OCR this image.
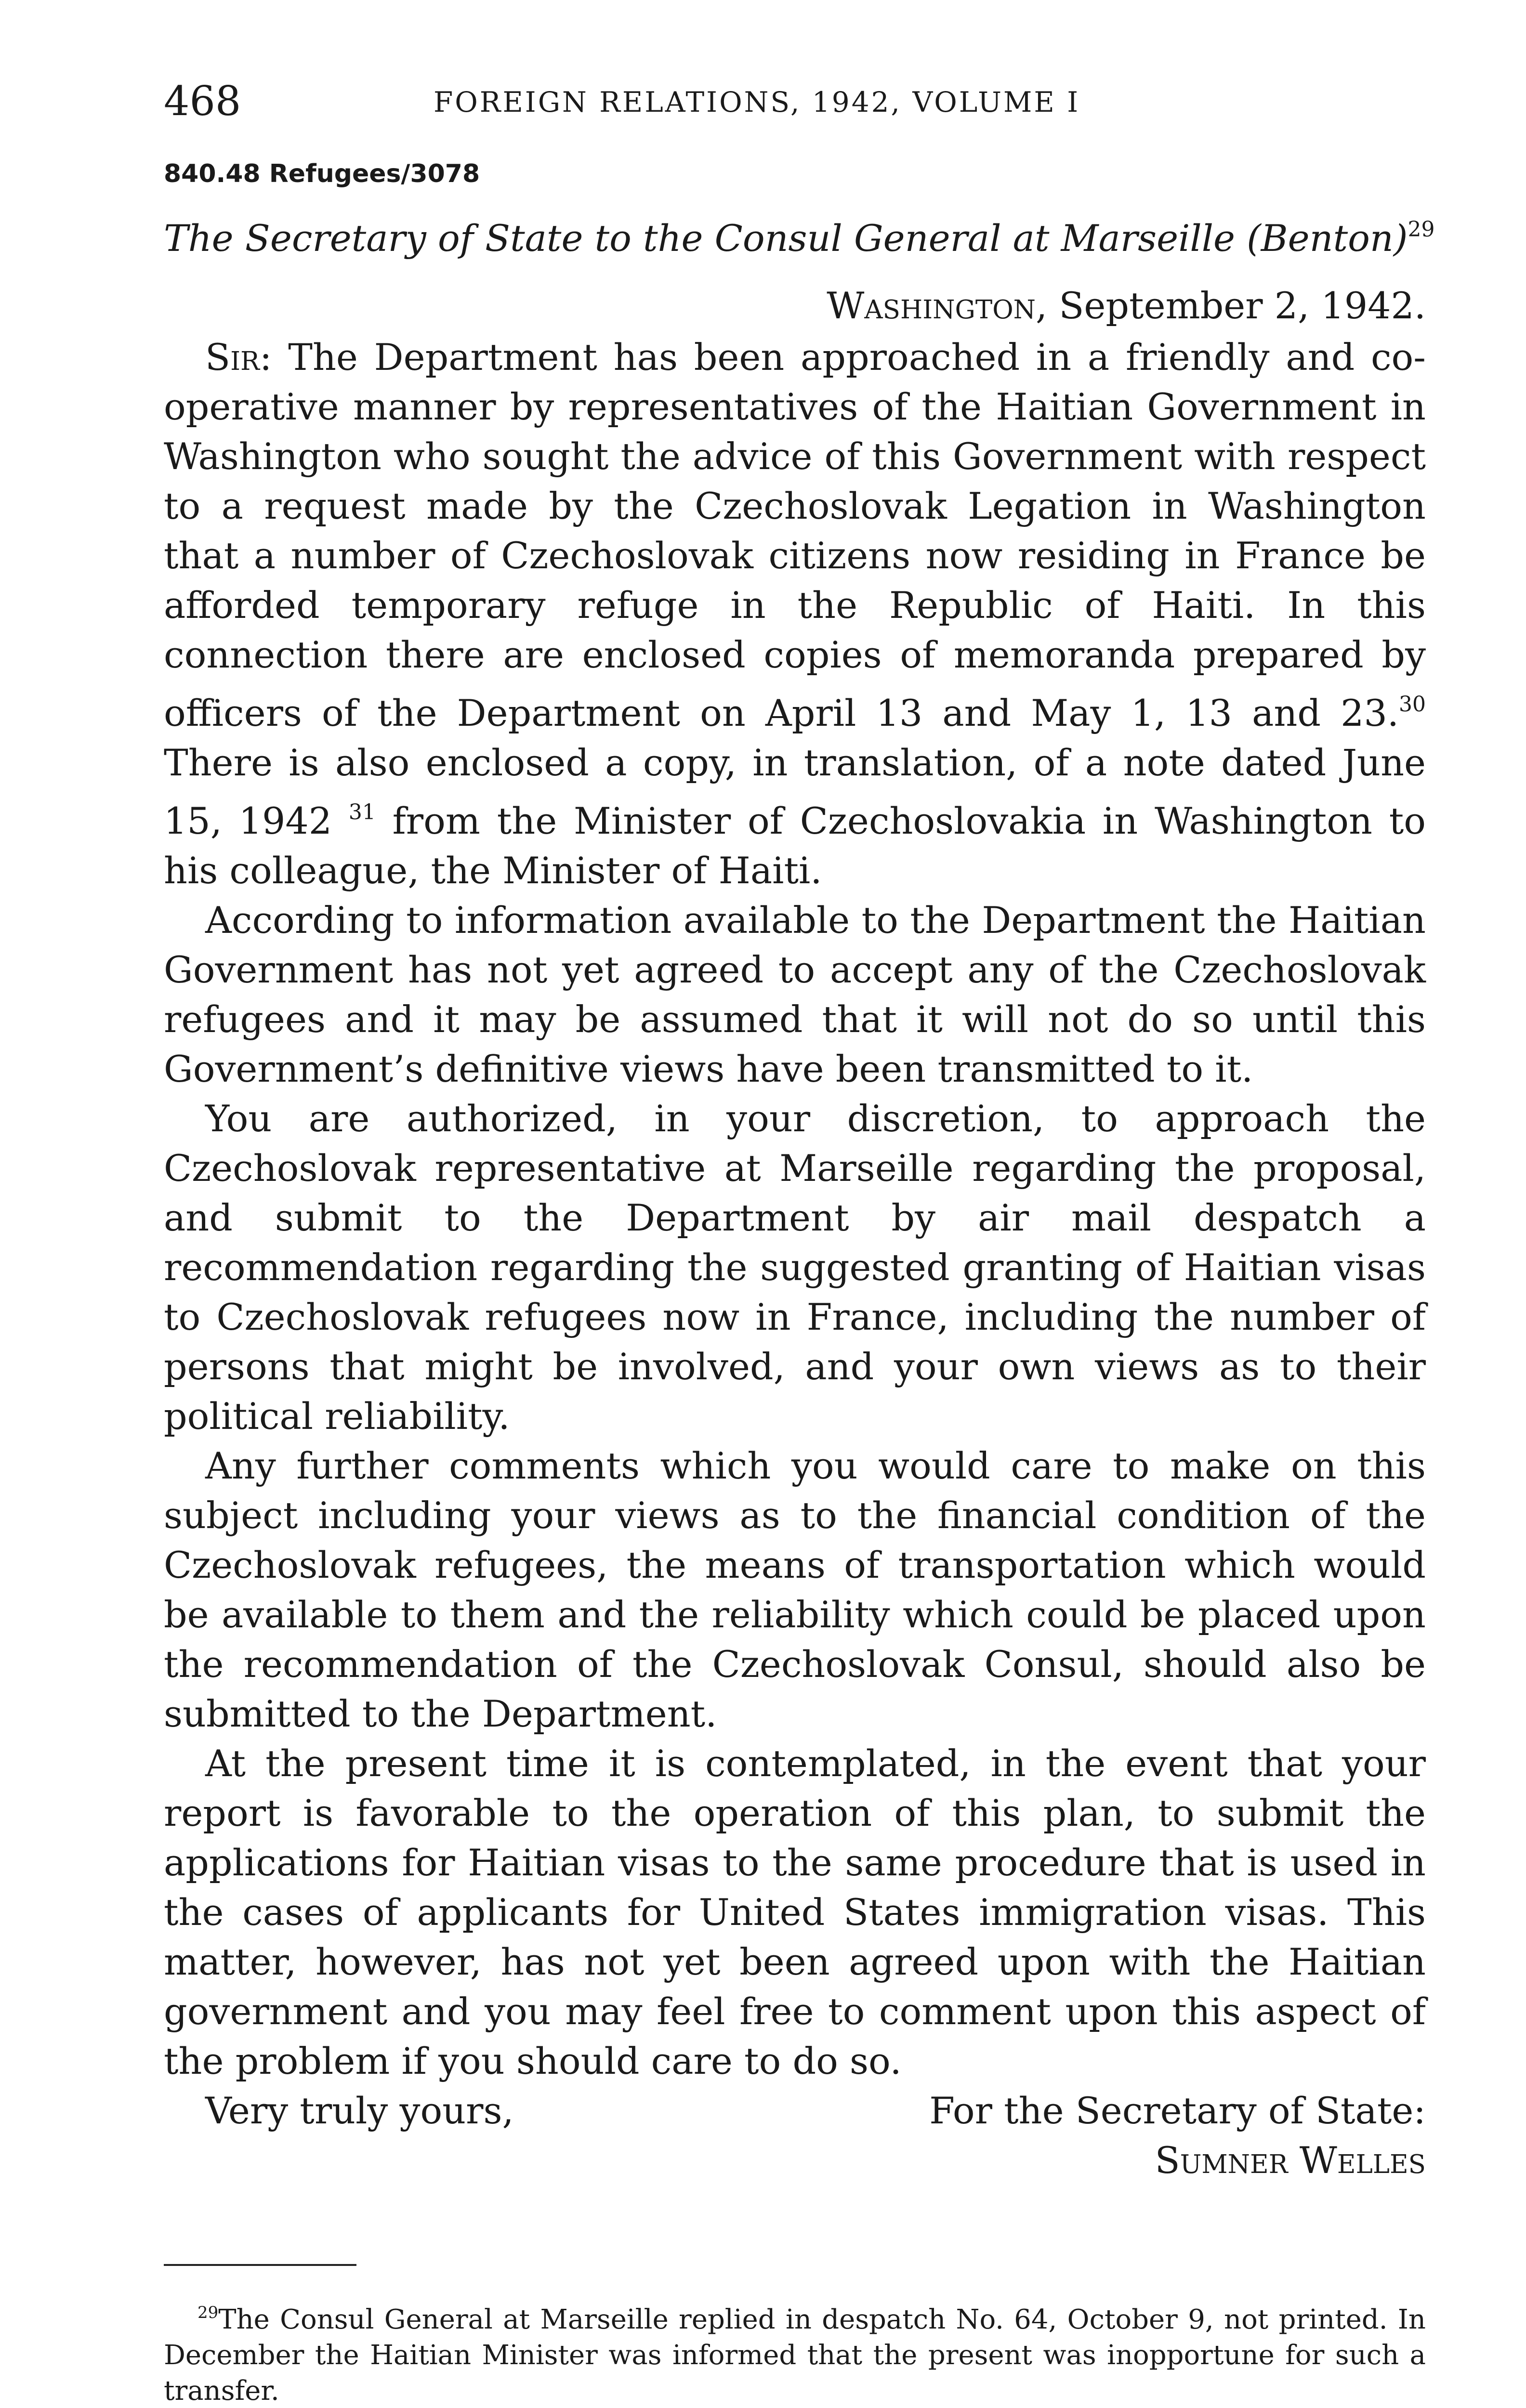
468	FOREIGN RELATIONS, 1942, VOLUME I
840.48 Refugees/3078
The Secretary of State to the Consul General at Marseille (Benton)$^{29}$
Washington, September 2, 1942.

Sir: The Department has been approached in a friendly and co-operative manner by representatives of the Haitian Government in Washington who sought the advice of this Government with respect to a request made by the Czechoslovak Legation in Washington that a number of Czechoslovak citizens now residing in France be afforded temporary refuge in the Republic of Haiti. In this connection there are enclosed copies of memoranda prepared by officers of the Department on April 13 and May 1, 13 and 23.30 There is also enclosed a copy, in translation, of a note dated June 15, 1942 $^{31}$ from the Minister of Czechoslovakia in Washington to his colleague, the Minister of Haiti.

According to information available to the Department the Haitian Government has not yet agreed to accept any of the Czechoslovak refugees and it may be assumed that it will not do so until this Government’s definitive views have been transmitted to it.

You are authorized, in your discretion, to approach the Czechoslovak representative at Marseille regarding the proposal, and submit to the Department by air mail despatch a recommendation regarding the suggested granting of Haitian visas to Czechoslovak refugees now in France, including the number of persons that might be involved, and your own views as to their political reliability.

Any further comments which you would care to make on this subject including your views as to the financial condition of the Czechoslovak refugees, the means of transportation which would be available to them and the reliability which could be placed upon the recommendation of the Czechoslovak Consul, should also be submitted to the Department.

At the present time it is contemplated, in the event that your report is favorable to the operation of this plan, to submit the applications for Haitian visas to the same procedure that is used in the cases of applicants for United States immigration visas. This matter, however, has not yet been agreed upon with the Haitian government and you may feel free to comment upon this aspect of the problem if you should care to do so.

Very truly yours,	For the Secretary of State:
Sumner Welles

$^{29}$The Consul General at Marseille replied in despatch No. 64, October 9, not printed. In December the Haitian Minister was informed that the present was inopportune for such a transfer.
